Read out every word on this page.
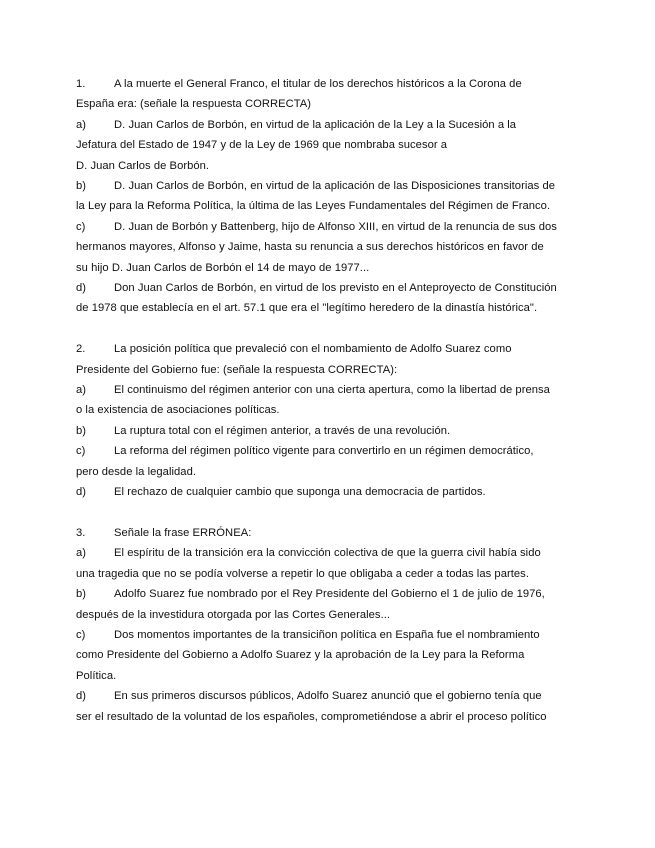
1.	A la muerte el General Franco, el titular de los derechos históricos a la Corona de
España era: (señale la respuesta CORRECTA)
a) D. Juan Carlos de Borbón, en virtud de la aplicación de la Ley a la Sucesión a la
Jefatura del Estado de 1947 y de la Ley de 1969 que nombraba sucesor a
D. Juan Carlos de Borbón.
b) D. Juan Carlos de Borbón, en virtud de la aplicación de las Disposiciones transitorias de
la Ley para la Reforma Política, la última de las Leyes Fundamentales del Régimen de Franco.
c)	D. Juan de Borbón y Battenberg, hijo de Alfonso XIII, en virtud de la renuncia de sus dos
hermanos mayores, Alfonso y Jaime, hasta su renuncia a sus derechos históricos en favor de
su hijo D. Juan Carlos de Borbón el 14 de mayo de 1977...
d) Don Juan Carlos de Borbón, en virtud de los previsto en el Anteproyecto de Constitución
de 1978 que establecía en el art. 57.1 que era el "legítimo heredero de la dinastía histórica".
2.	La posición política que prevaleció con el nombamiento de Adolfo Suarez como
Presidente del Gobierno fue: (señale la respuesta CORRECTA):
a) El continuismo del régimen anterior con una cierta apertura, como la libertad de prensa
o la existencia de asociaciones políticas.
b) La ruptura total con el régimen anterior, a través de una revolución.
c)	La reforma del régimen político vigente para convertirlo en un régimen democrático,
pero desde la legalidad.
d) El rechazo de cualquier cambio que suponga una democracia de partidos.
3.	Señale la frase ERRÓNEA:
a) El espíritu de la transición era la convicción colectiva de que la guerra civil había sido
una tragedia que no se podía volverse a repetir lo que obligaba a ceder a todas las partes.
b) Adolfo Suarez fue nombrado por el Rey Presidente del Gobierno el 1 de julio de 1976,
después de la investidura otorgada por las Cortes Generales...
c)	Dos momentos importantes de la transiciñon política en España fue el nombramiento
como Presidente del Gobierno a Adolfo Suarez y la aprobación de la Ley para la Reforma
Política.
d) En sus primeros discursos públicos, Adolfo Suarez anunció que el gobierno tenía que
ser el resultado de la voluntad de los españoles, comprometiéndose a abrir el proceso político
